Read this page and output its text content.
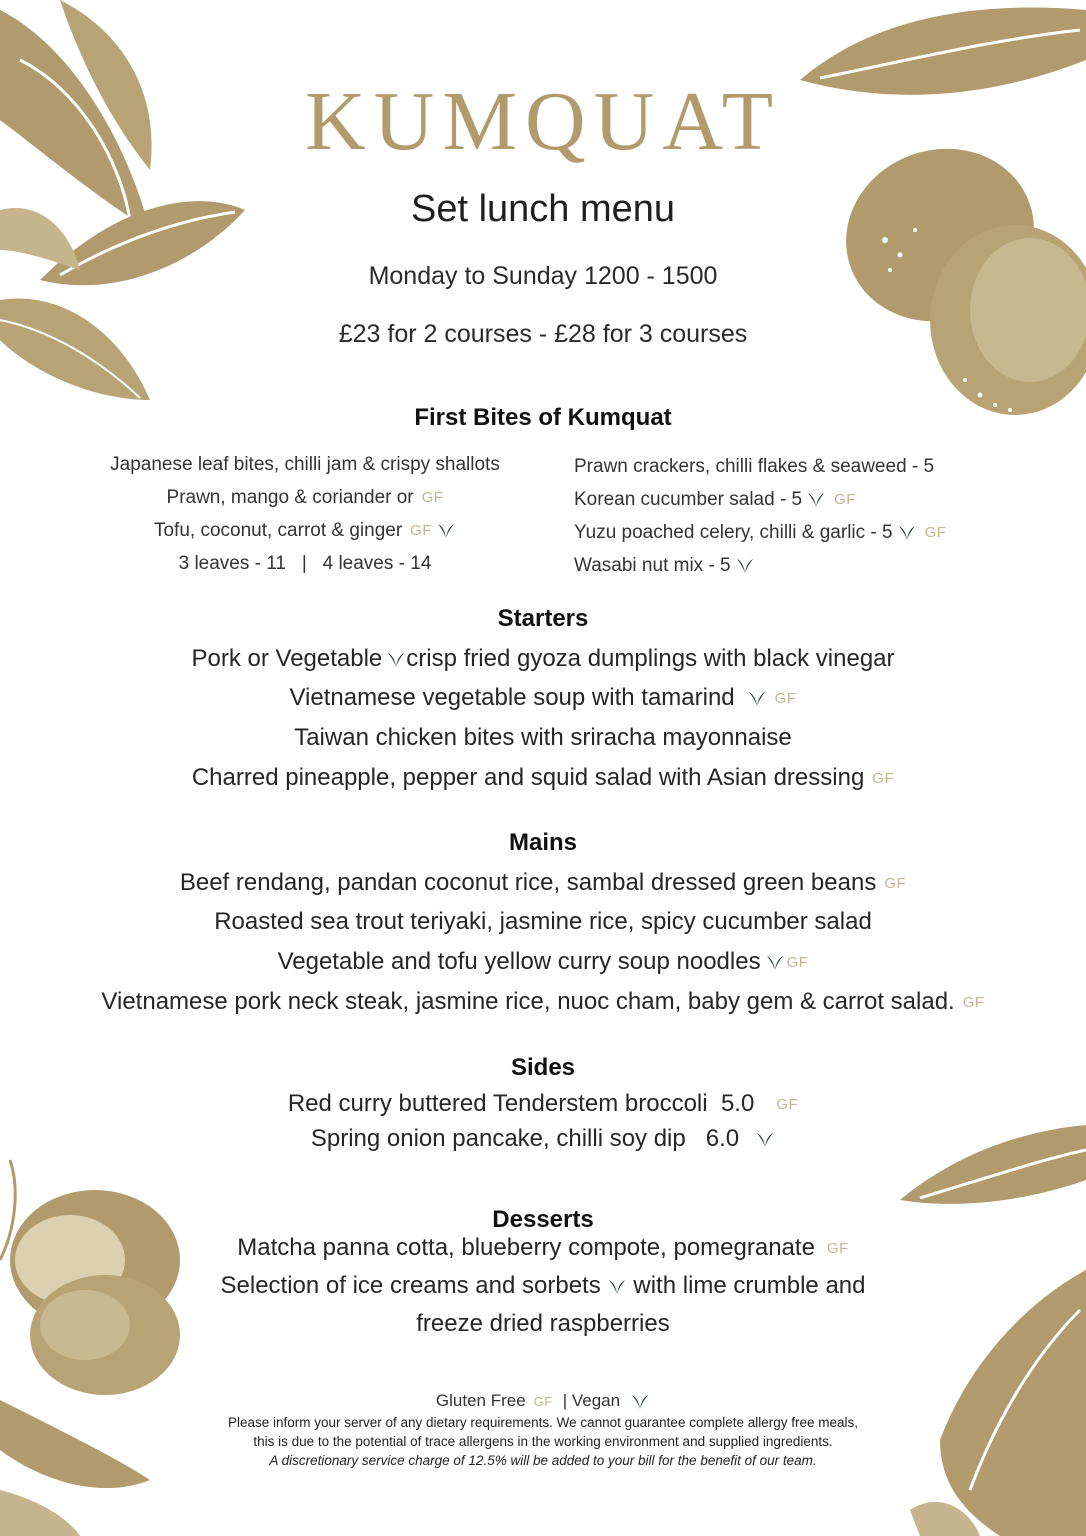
KUMQUAT
Set lunch menu
Monday to Sunday 1200 - 1500
£23 for 2 courses - £28 for 3 courses
First Bites of Kumquat
Japanese leaf bites, chilli jam & crispy shallots
Prawn, mango & coriander or GF
Tofu, coconut, carrot & ginger GF
3 leaves - 11   |   4 leaves - 14
Prawn crackers, chilli flakes & seaweed - 5
Korean cucumber salad - 5 GF
Yuzu poached celery, chilli & garlic - 5 GF
Wasabi nut mix - 5
Starters
Pork or Vegetable crisp fried gyoza dumplings with black vinegar
Vietnamese vegetable soup with tamarind	GF
Taiwan chicken bites with sriracha mayonnaise
Charred pineapple, pepper and squid salad with Asian dressing GF
Mains
Beef rendang, pandan coconut rice, sambal dressed green beans GF
Roasted sea trout teriyaki, jasmine rice, spicy cucumber salad
Vegetable and tofu yellow curry soup noodles GF
Vietnamese pork neck steak, jasmine rice, nuoc cham, baby gem & carrot salad. GF
Sides
Red curry buttered Tenderstem broccoli 5.0 GF
Spring onion pancake, chilli soy dip 6.0
Desserts
Matcha panna cotta, blueberry compote, pomegranate GF
Selection of ice creams and sorbets with lime crumble and
freeze dried raspberries
Gluten Free GF | Vegan
Please inform your server of any dietary requirements. We cannot guarantee complete allergy free meals,
this is due to the potential of trace allergens in the working environment and supplied ingredients.
A discretionary service charge of 12.5% will be added to your bill for the benefit of our team.
